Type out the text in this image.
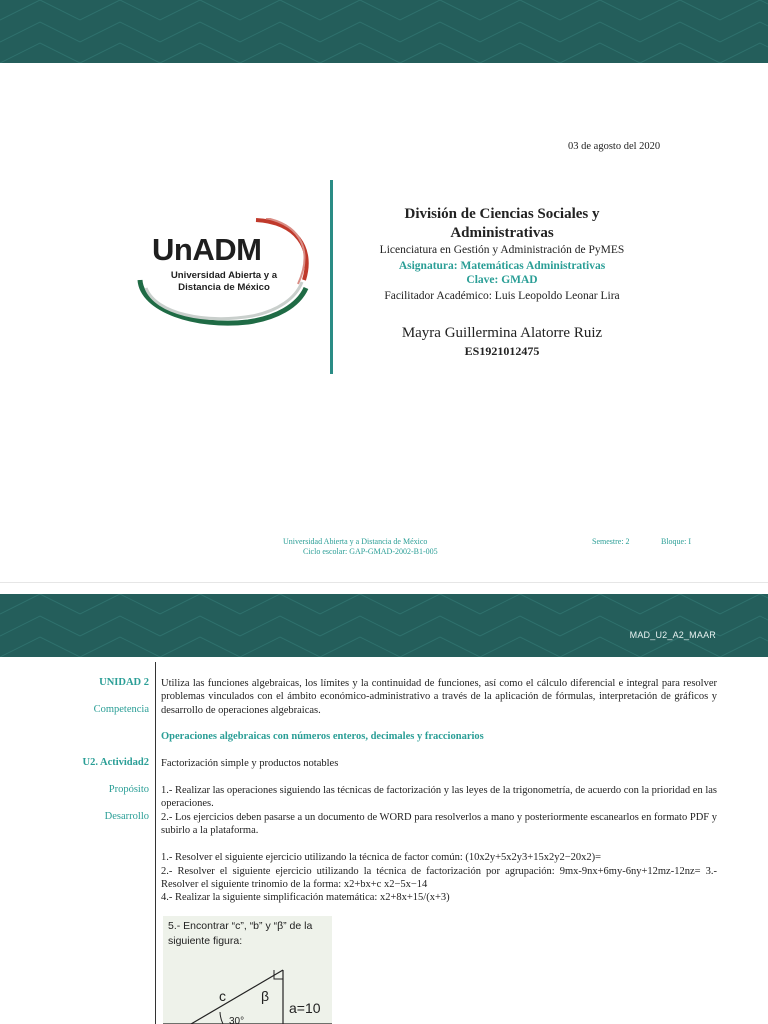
03 de agosto del 2020
UnADM
Universidad Abierta y a
Distancia de México
División de Ciencias Sociales y Administrativas
Licenciatura en Gestión y Administración de PyMES
Asignatura: Matemáticas Administrativas
Clave: GMAD
Facilitador Académico: Luis Leopoldo Leonar Lira
Mayra Guillermina Alatorre Ruiz
ES1921012475
Universidad Abierta y a Distancia de México
Ciclo escolar: GAP-GMAD-2002-B1-005
Semestre: 2	Bloque: I
MAD_U2_A2_MAAR
UNIDAD 2
Competencia
U2. Actividad2
Propósito
Desarrollo
Utiliza las funciones algebraicas, los límites y la continuidad de funciones, así como el cálculo diferencial e integral para resolver problemas vinculados con el ámbito económico-administrativo a través de la aplicación de fórmulas, interpretación de gráficos y desarrollo de operaciones algebraicas.
Operaciones algebraicas con números enteros, decimales y fraccionarios
Factorización simple y productos notables
1.- Realizar las operaciones siguiendo las técnicas de factorización y las leyes de la trigonometría, de acuerdo con la prioridad en las operaciones.
2.- Los ejercicios deben pasarse a un documento de WORD para resolverlos a mano y posteriormente escanearlos en formato PDF y subirlo a la plataforma.
1.- Resolver el siguiente ejercicio utilizando la técnica de factor común: (10x2y+5x2y3+15x2y2−20x2)=
2.- Resolver el siguiente ejercicio utilizando la técnica de factorización por agrupación: 9mx-9nx+6my-6ny+12mz-12nz= 3.- Resolver el siguiente trinomio de la forma: x2+bx+c x2−5x−14
4.- Realizar la siguiente simplificación matemática: x2+8x+15/(x+3)
5.- Encontrar “c”, “b” y “β” de la siguiente figura:
c	β
a=10
30°
